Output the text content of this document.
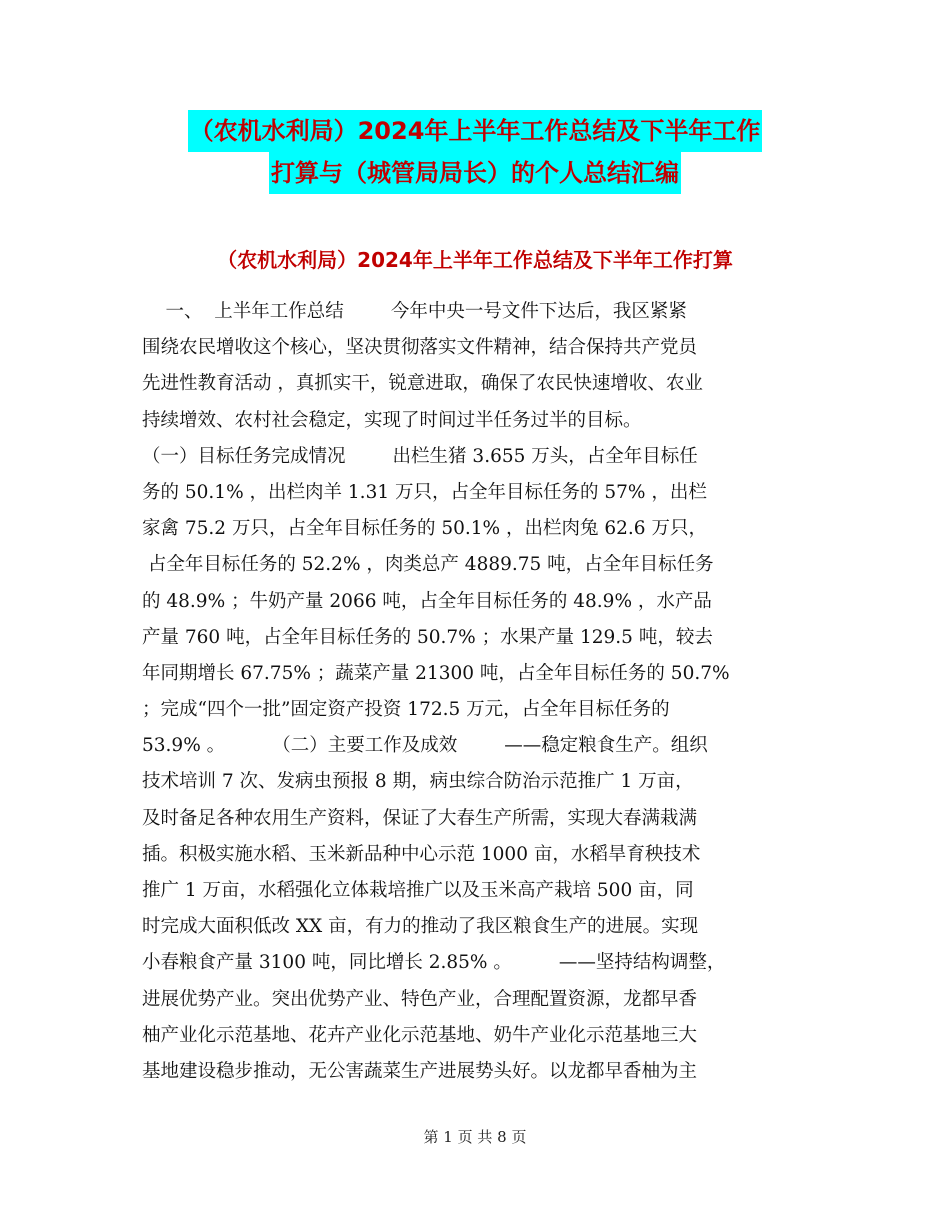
（农机水利局）2024年上半年工作总结及下半年工作
打算与（城管局局长）的个人总结汇编
（农机水利局）2024年上半年工作总结及下半年工作打算
一、  上半年工作总结        今年中央一号文件下达后，我区紧紧
围绕农民增收这个核心，坚决贯彻落实文件精神，结合保持共产党员
先进性教育活动 ，真抓实干，锐意进取，确保了农民快速增收、农业
持续增效、农村社会稳定，实现了时间过半任务过半的目标。
（一）目标任务完成情况        出栏生猪 3.655 万头，占全年目标任
务的 50.1% ，出栏肉羊 1.31 万只，占全年目标任务的 57% ，出栏
家禽 75.2 万只，占全年目标任务的 50.1% ，出栏肉兔 62.6 万只，
占全年目标任务的 52.2% ，肉类总产 4889.75 吨，占全年目标任务
的 48.9% ；牛奶产量 2066 吨，占全年目标任务的 48.9% ，水产品
产量 760 吨，占全年目标任务的 50.7% ；水果产量 129.5 吨，较去
年同期增长 67.75% ；蔬菜产量 21300 吨，占全年目标任务的 50.7%
；完成“四个一批”固定资产投资 172.5 万元，占全年目标任务的
53.9% 。        （二）主要工作及成效        ——稳定粮食生产。组织
技术培训 7 次、发病虫预报 8 期，病虫综合防治示范推广 1 万亩，
及时备足各种农用生产资料，保证了大春生产所需，实现大春满栽满
插。积极实施水稻、玉米新品种中心示范 1000 亩，水稻旱育秧技术
推广 1 万亩，水稻强化立体栽培推广以及玉米高产栽培 500 亩，同
时完成大面积低改 XX 亩，有力的推动了我区粮食生产的进展。实现
小春粮食产量 3100 吨，同比增长 2.85% 。        ——坚持结构调整，
进展优势产业。突出优势产业、特色产业，合理配置资源，龙都早香
柚产业化示范基地、花卉产业化示范基地、奶牛产业化示范基地三大
基地建设稳步推动，无公害蔬菜生产进展势头好。以龙都早香柚为主
第 1 页 共 8 页
